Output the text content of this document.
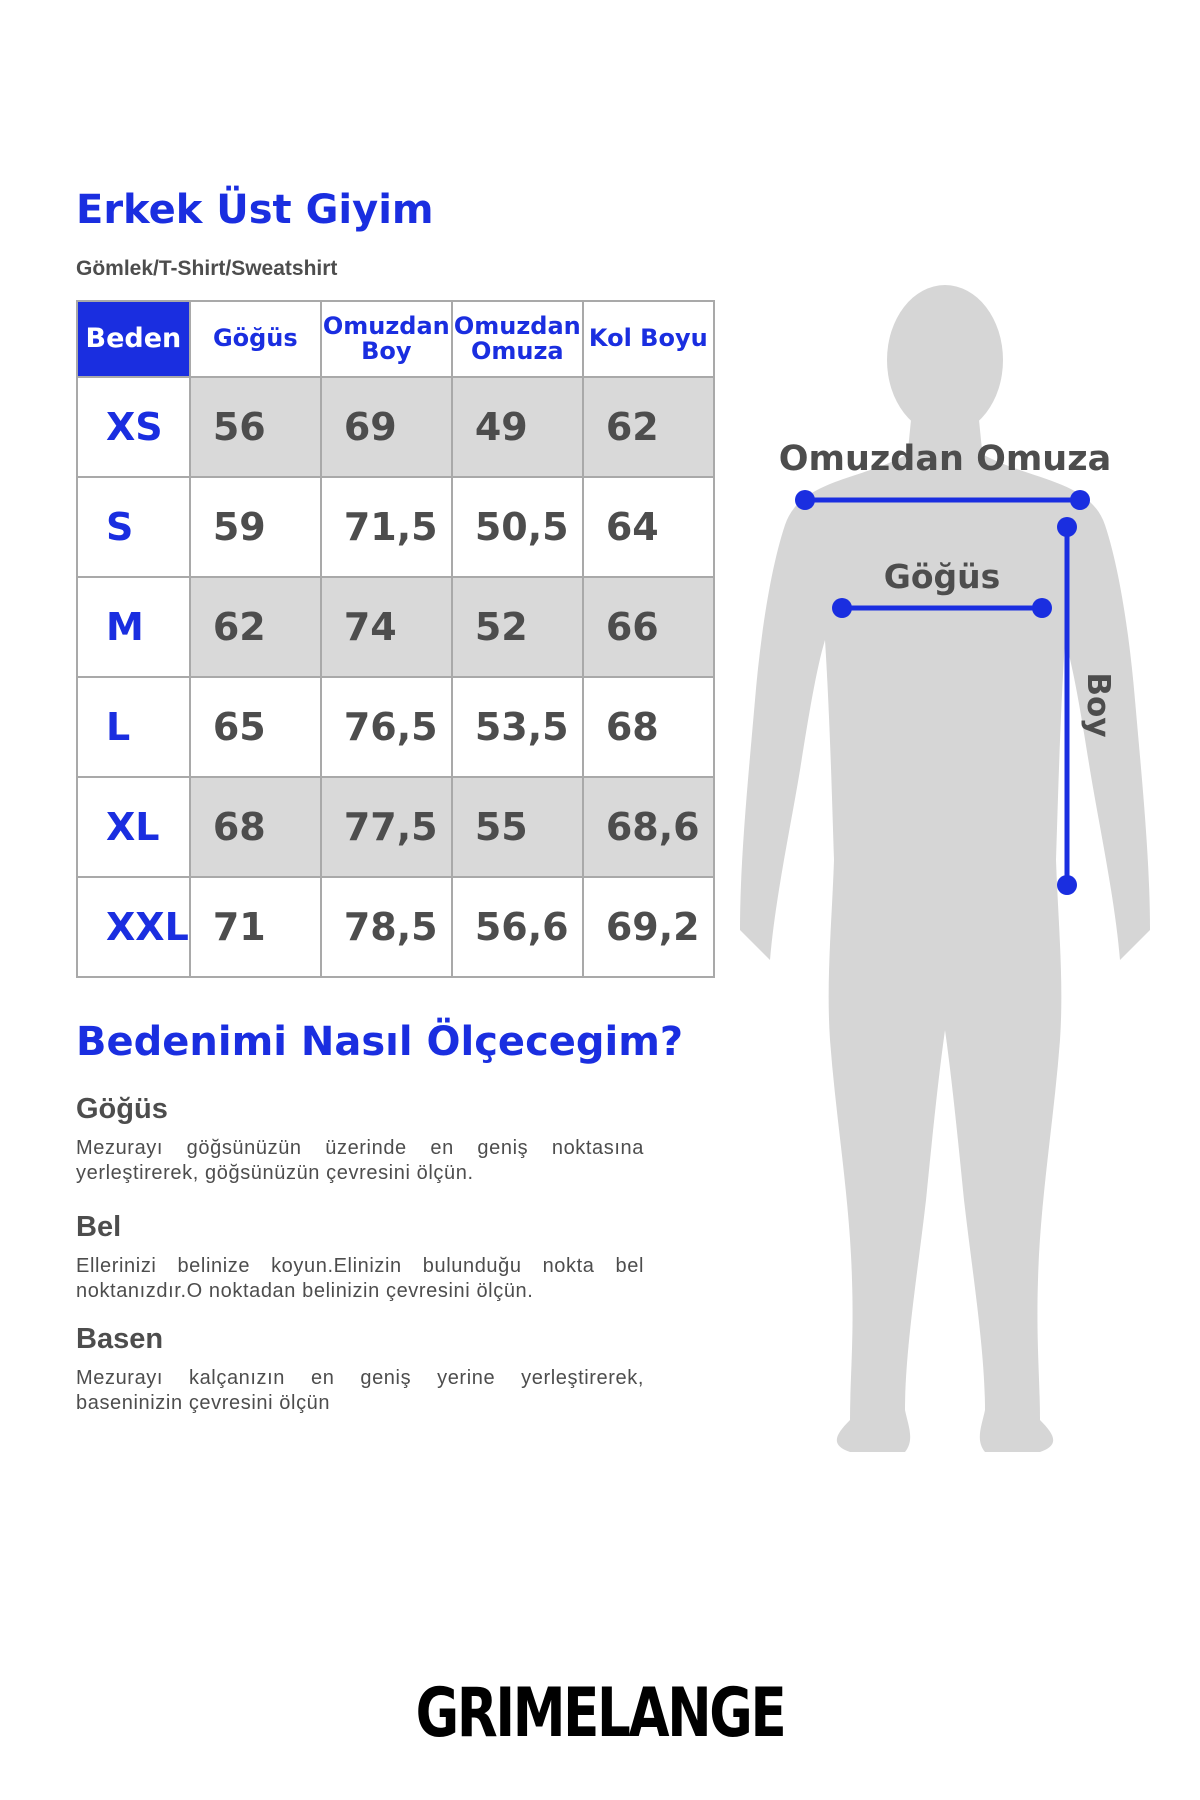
Erkek Üst Giyim
Gömlek/T-Shirt/Sweatshirt
Beden	Göğüs	Omuzdan Boy	Omuzdan Omuza	Kol Boyu
XS	56	69	49	62
S	59	71,5	50,5	64
M	62	74	52	66
L	65	76,5	53,5	68
XL	68	77,5	55	68,6
XXL	71	78,5	56,6	69,2
Bedenimi Nasıl Ölçecegim?
Göğüs
Mezurayı göğsünüzün üzerinde en geniş noktasına yerleştirerek, göğsünüzün çevresini ölçün.
Bel
Ellerinizi belinize koyun.Elinizin bulunduğu nokta bel noktanızdır.O noktadan belinizin çevresini ölçün.
Basen
Mezurayı kalçanızın en geniş yerine yerleştirerek, baseninizin çevresini ölçün
Omuzdan Omuza
Göğüs
Boy
GRIMELANGE
